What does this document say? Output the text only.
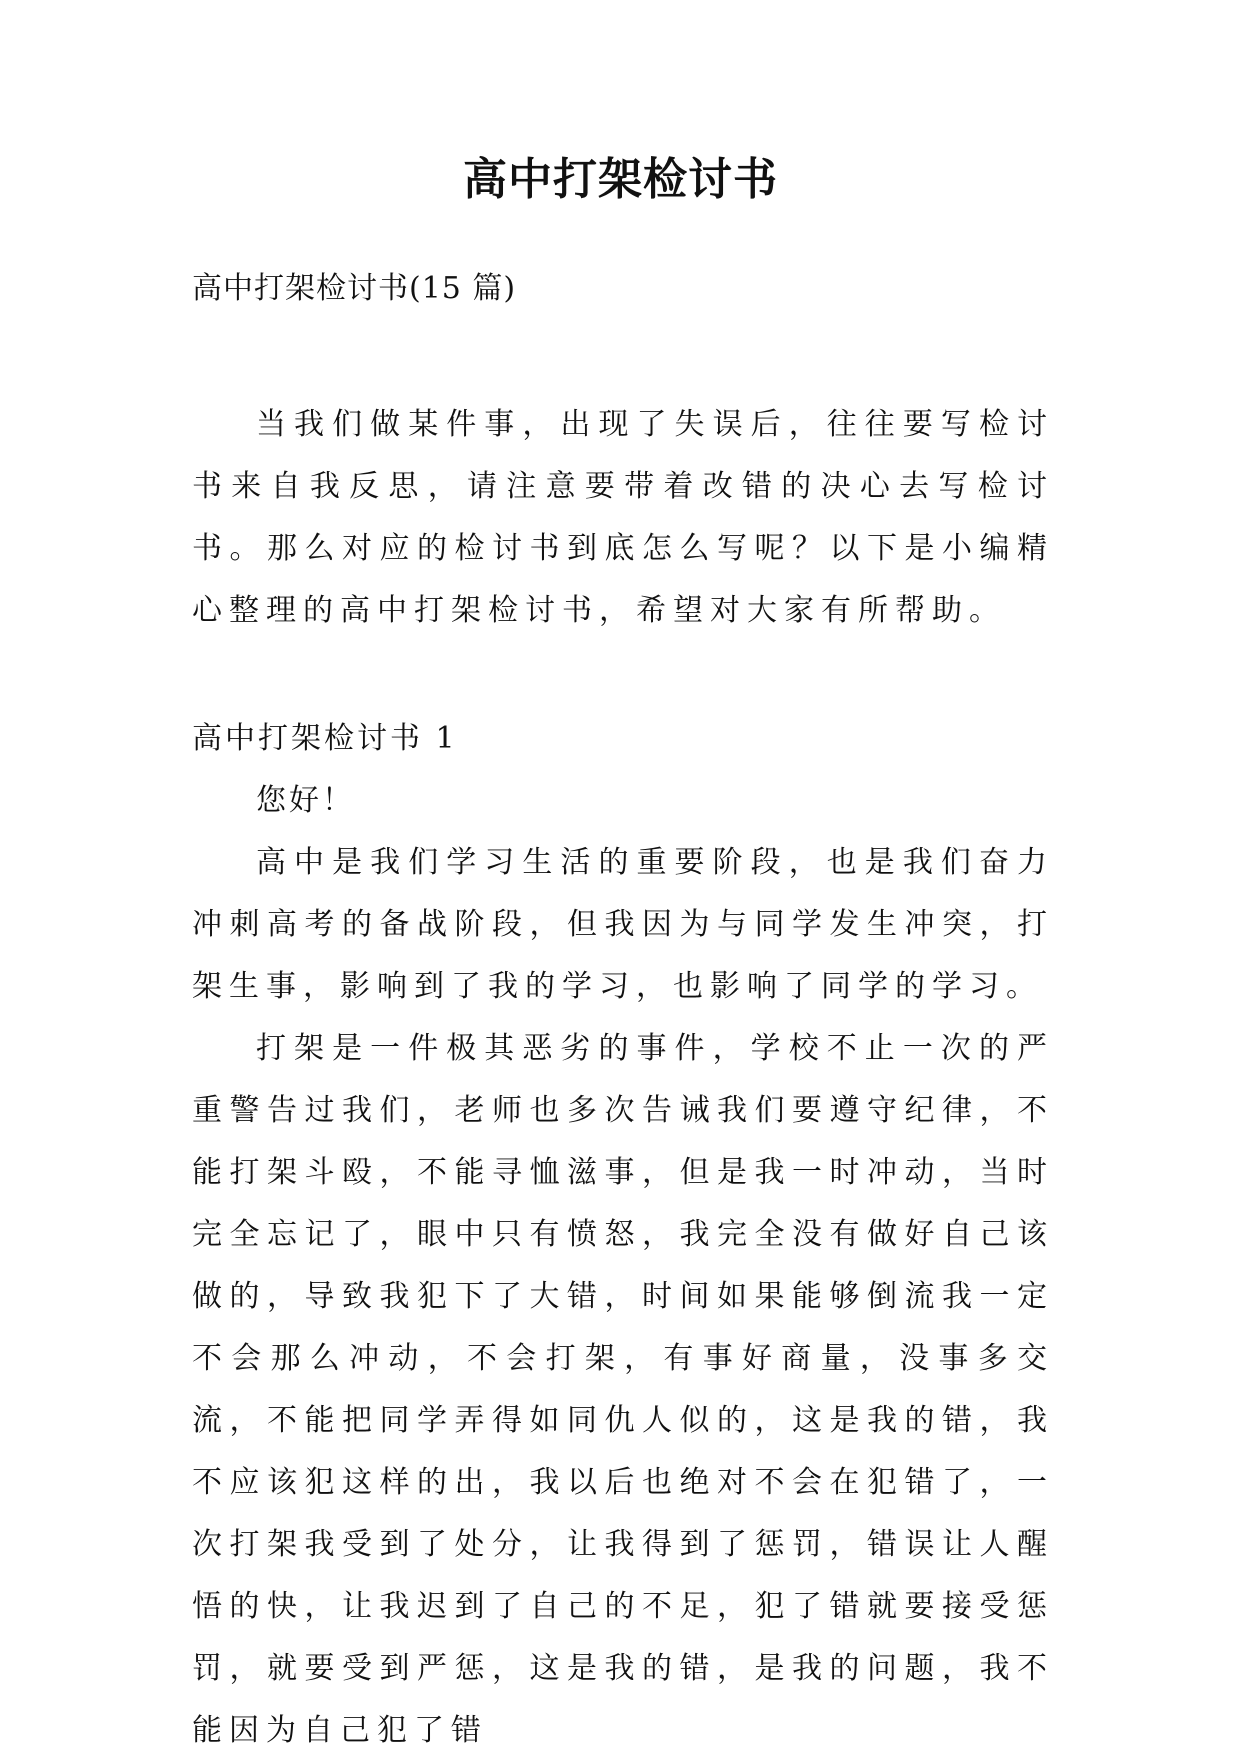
高中打架检讨书

高中打架检讨书(15 篇)

当我们做某件事，出现了失误后，往往要写检讨书来自我反思，请注意要带着改错的决心去写检讨书。那么对应的检讨书到底怎么写呢？以下是小编精心整理的高中打架检讨书，希望对大家有所帮助。

高中打架检讨书 1

您好！

高中是我们学习生活的重要阶段，也是我们奋力冲刺高考的备战阶段，但我因为与同学发生冲突，打架生事，影响到了我的学习，也影响了同学的学习。

打架是一件极其恶劣的事件，学校不止一次的严重警告过我们，老师也多次告诫我们要遵守纪律，不能打架斗殴，不能寻恤滋事，但是我一时冲动，当时完全忘记了，眼中只有愤怒，我完全没有做好自己该做的，导致我犯下了大错，时间如果能够倒流我一定不会那么冲动，不会打架，有事好商量，没事多交流，不能把同学弄得如同仇人似的，这是我的错，我不应该犯这样的出，我以后也绝对不会在犯错了，一次打架我受到了处分，让我得到了惩罚，错误让人醒悟的快，让我迟到了自己的不足，犯了错就要接受惩罚，就要受到严惩，这是我的错，是我的问题，我不能因为自己犯了错
